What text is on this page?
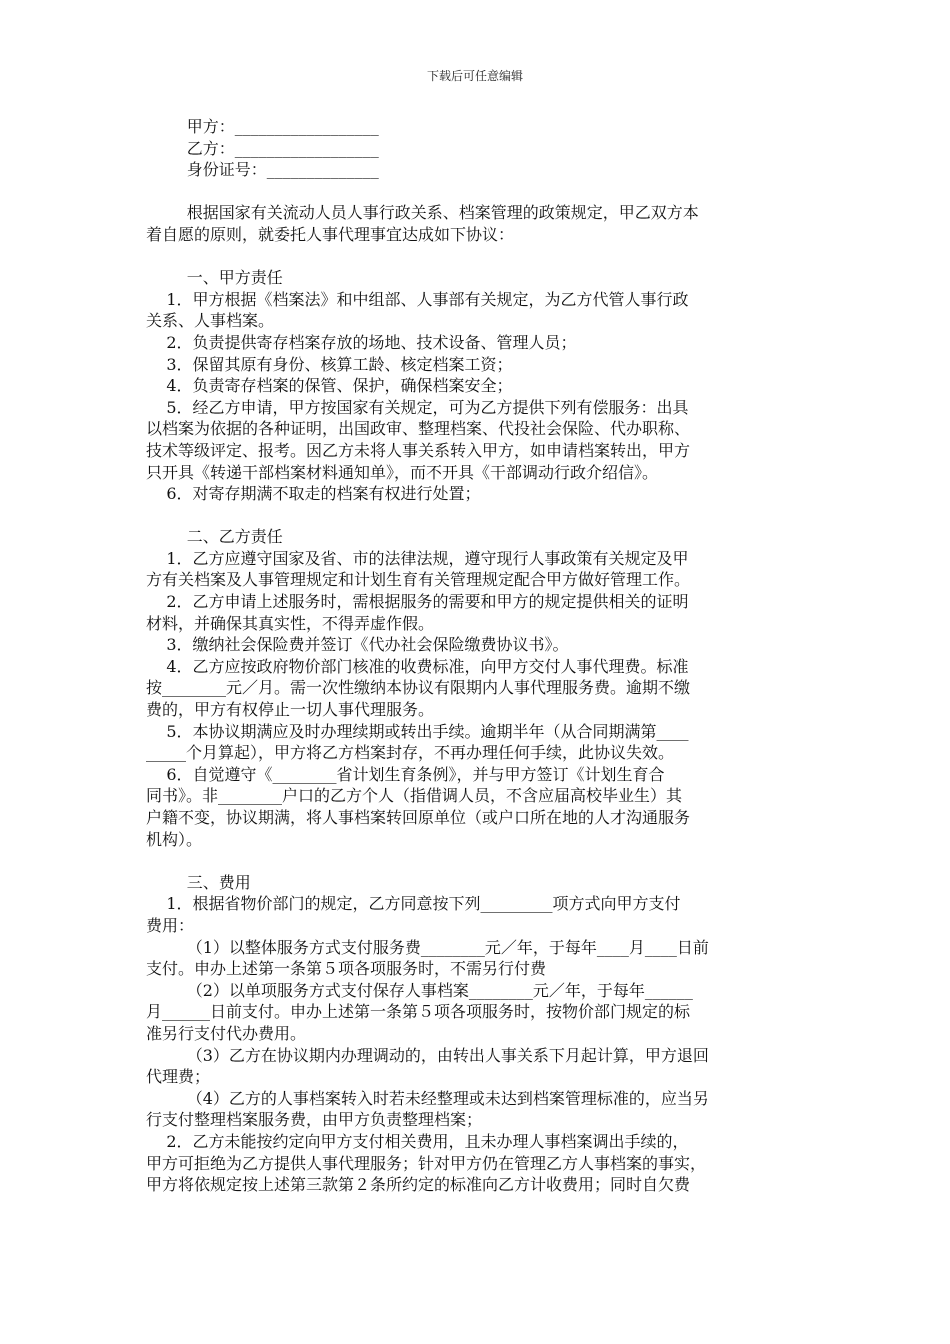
下载后可任意编辑
甲方：__________________
乙方：__________________
身份证号：______________
根据国家有关流动人员人事行政关系、档案管理的政策规定，甲乙双方本
着自愿的原则，就委托人事代理事宜达成如下协议：
一、甲方责任
1．甲方根据《档案法》和中组部、人事部有关规定，为乙方代管人事行政
关系、人事档案。
2．负责提供寄存档案存放的场地、技术设备、管理人员；
3．保留其原有身份、核算工龄、核定档案工资；
4．负责寄存档案的保管、保护，确保档案安全；
5．经乙方申请，甲方按国家有关规定，可为乙方提供下列有偿服务：出具
以档案为依据的各种证明，出国政审、整理档案、代投社会保险、代办职称、
技术等级评定、报考。因乙方未将人事关系转入甲方，如申请档案转出，甲方
只开具《转递干部档案材料通知单》，而不开具《干部调动行政介绍信》。
6．对寄存期满不取走的档案有权进行处置；
二、乙方责任
1．乙方应遵守国家及省、市的法律法规，遵守现行人事政策有关规定及甲
方有关档案及人事管理规定和计划生育有关管理规定配合甲方做好管理工作。
2．乙方申请上述服务时，需根据服务的需要和甲方的规定提供相关的证明
材料，并确保其真实性，不得弄虚作假。
3．缴纳社会保险费并签订《代办社会保险缴费协议书》。
4．乙方应按政府物价部门核准的收费标准，向甲方交付人事代理费。标准
按________元／月。需一次性缴纳本协议有限期内人事代理服务费。逾期不缴
费的，甲方有权停止一切人事代理服务。
5．本协议期满应及时办理续期或转出手续。逾期半年（从合同期满第____
_____个月算起），甲方将乙方档案封存，不再办理任何手续，此协议失效。
6．自觉遵守《________省计划生育条例》，并与甲方签订《计划生育合
同书》。非________户口的乙方个人（指借调人员，不含应届高校毕业生）其
户籍不变，协议期满，将人事档案转回原单位（或户口所在地的人才沟通服务
机构）。
三、费用
1．根据省物价部门的规定，乙方同意按下列_________项方式向甲方支付
费用：
（1）以整体服务方式支付服务费________元／年，于每年____月____日前
支付。申办上述第一条第５项各项服务时，不需另行付费
（2）以单项服务方式支付保存人事档案________元／年，于每年______
月______日前支付。申办上述第一条第５项各项服务时，按物价部门规定的标
准另行支付代办费用。
（3）乙方在协议期内办理调动的，由转出人事关系下月起计算，甲方退回
代理费；
（4）乙方的人事档案转入时若未经整理或未达到档案管理标准的，应当另
行支付整理档案服务费，由甲方负责整理档案；
2．乙方未能按约定向甲方支付相关费用，且未办理人事档案调出手续的，
甲方可拒绝为乙方提供人事代理服务；针对甲方仍在管理乙方人事档案的事实，
甲方将依规定按上述第三款第２条所约定的标准向乙方计收费用；同时自欠费
